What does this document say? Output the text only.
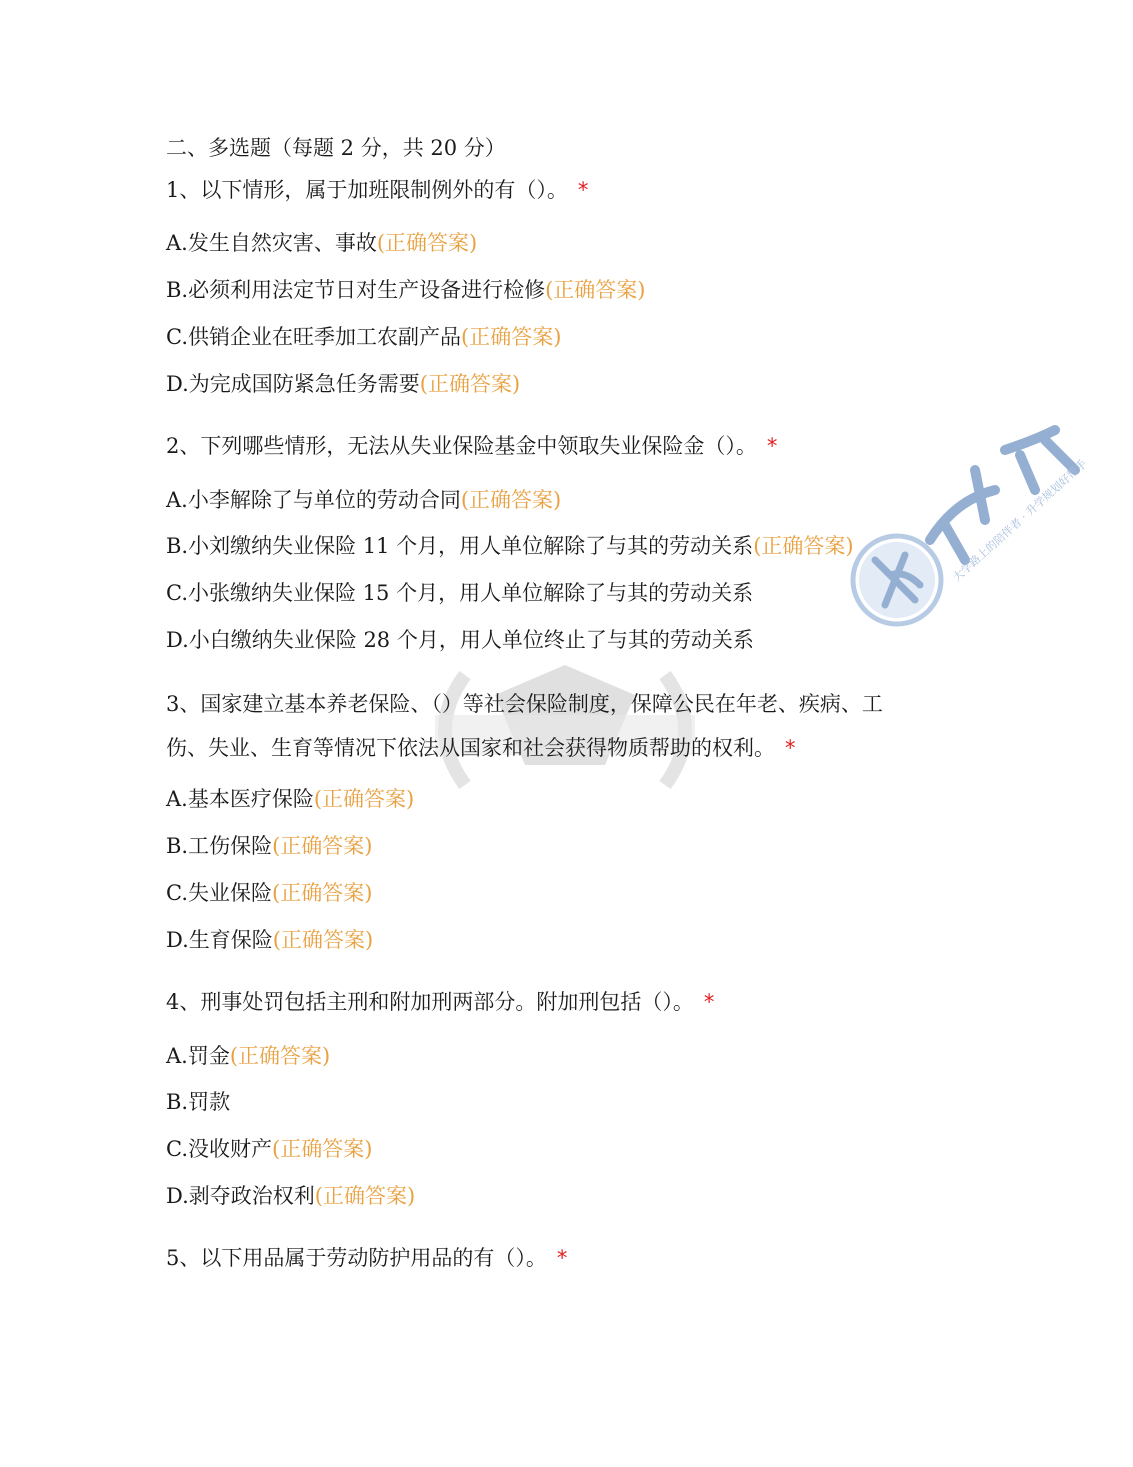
大学路上的陪伴者 · 升学规划好帮手
二、多选题（每题 2 分，共 20 分）
1、以下情形，属于加班限制例外的有（）。 *
A.发生自然灾害、事故(正确答案)
B.必须利用法定节日对生产设备进行检修(正确答案)
C.供销企业在旺季加工农副产品(正确答案)
D.为完成国防紧急任务需要(正确答案)
2、下列哪些情形，无法从失业保险基金中领取失业保险金（）。 *
A.小李解除了与单位的劳动合同(正确答案)
B.小刘缴纳失业保险 11 个月，用人单位解除了与其的劳动关系(正确答案)
C.小张缴纳失业保险 15 个月，用人单位解除了与其的劳动关系
D.小白缴纳失业保险 28 个月，用人单位终止了与其的劳动关系
3、国家建立基本养老保险、（）等社会保险制度，保障公民在年老、疾病、工
伤、失业、生育等情况下依法从国家和社会获得物质帮助的权利。 *
A.基本医疗保险(正确答案)
B.工伤保险(正确答案)
C.失业保险(正确答案)
D.生育保险(正确答案)
4、刑事处罚包括主刑和附加刑两部分。附加刑包括（）。 *
A.罚金(正确答案)
B.罚款
C.没收财产(正确答案)
D.剥夺政治权利(正确答案)
5、以下用品属于劳动防护用品的有（）。 *
